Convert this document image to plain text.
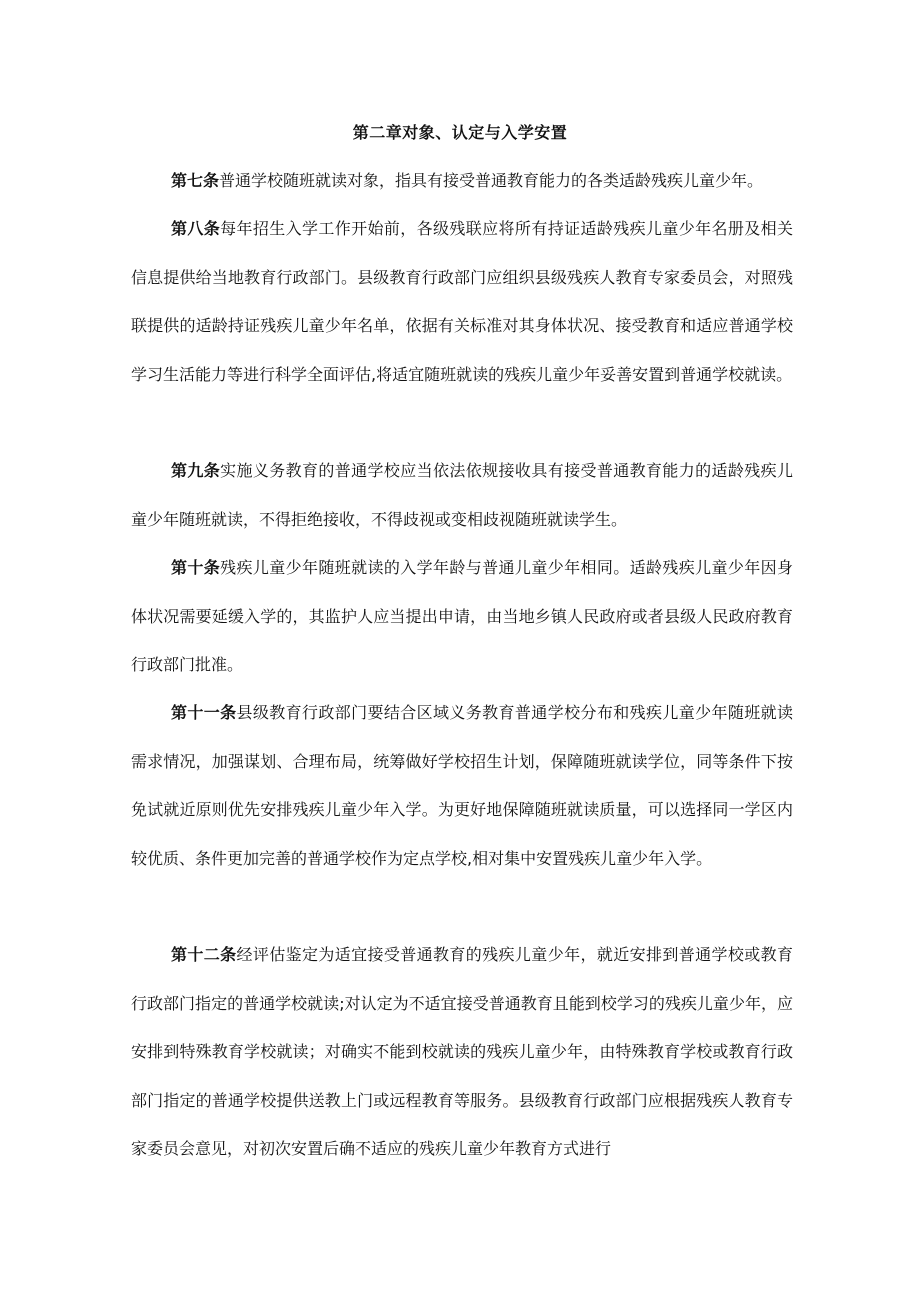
第二章对象、认定与入学安置

第七条普通学校随班就读对象，指具有接受普通教育能力的各类适龄残疾儿童少年。

第八条每年招生入学工作开始前，各级残联应将所有持证适龄残疾儿童少年名册及相关信息提供给当地教育行政部门。县级教育行政部门应组织县级残疾人教育专家委员会，对照残联提供的适龄持证残疾儿童少年名单，依据有关标准对其身体状况、接受教育和适应普通学校学习生活能力等进行科学全面评估,将适宜随班就读的残疾儿童少年妥善安置到普通学校就读。

第九条实施义务教育的普通学校应当依法依规接收具有接受普通教育能力的适龄残疾儿童少年随班就读，不得拒绝接收，不得歧视或变相歧视随班就读学生。

第十条残疾儿童少年随班就读的入学年龄与普通儿童少年相同。适龄残疾儿童少年因身体状况需要延缓入学的，其监护人应当提出申请，由当地乡镇人民政府或者县级人民政府教育行政部门批准。

第十一条县级教育行政部门要结合区域义务教育普通学校分布和残疾儿童少年随班就读需求情况，加强谋划、合理布局，统筹做好学校招生计划，保障随班就读学位，同等条件下按免试就近原则优先安排残疾儿童少年入学。为更好地保障随班就读质量，可以选择同一学区内较优质、条件更加完善的普通学校作为定点学校,相对集中安置残疾儿童少年入学。

第十二条经评估鉴定为适宜接受普通教育的残疾儿童少年，就近安排到普通学校或教育行政部门指定的普通学校就读;对认定为不适宜接受普通教育且能到校学习的残疾儿童少年，应安排到特殊教育学校就读；对确实不能到校就读的残疾儿童少年，由特殊教育学校或教育行政部门指定的普通学校提供送教上门或远程教育等服务。县级教育行政部门应根据残疾人教育专家委员会意见，对初次安置后确不适应的残疾儿童少年教育方式进行
